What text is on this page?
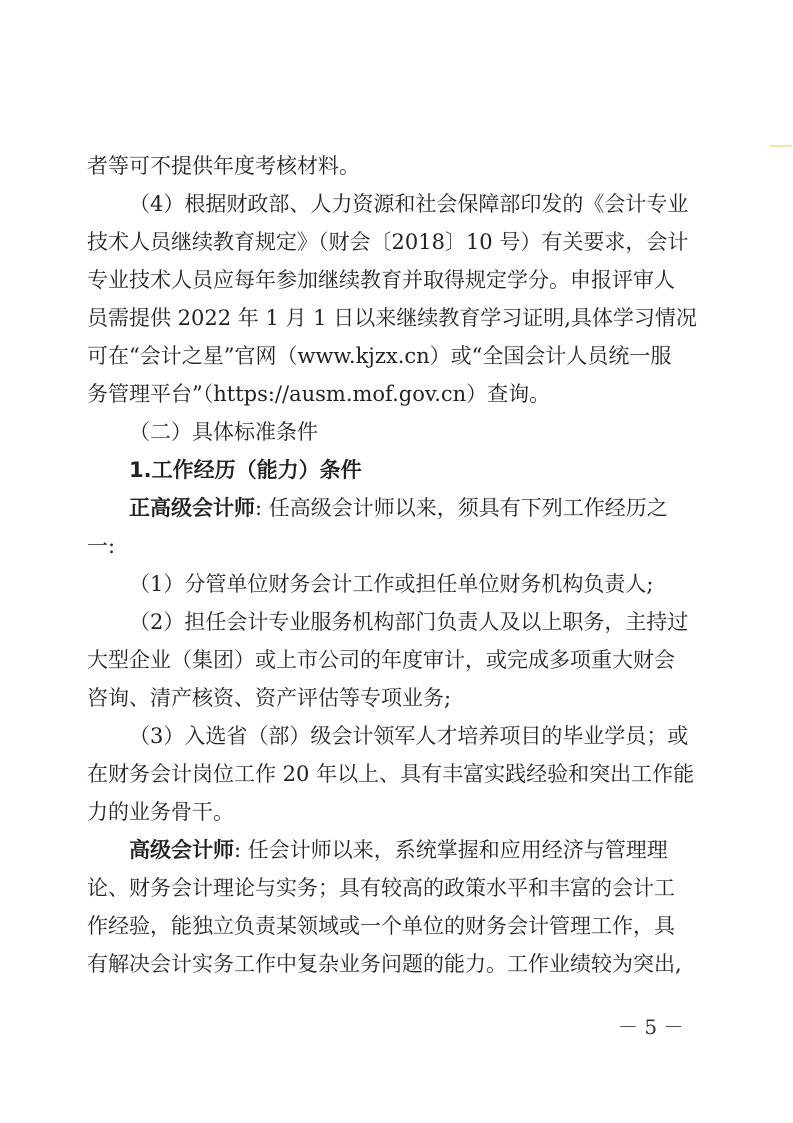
者等可不提供年度考核材料。
（4）根据财政部、人力资源和社会保障部印发的《会计专业
技术人员继续教育规定》（财会〔2018〕10 号）有关要求，会计
专业技术人员应每年参加继续教育并取得规定学分。申报评审人
员需提供 2022 年 1 月 1 日以来继续教育学习证明,具体学习情况
可在“会计之星”官网（www.kjzx.cn）或“全国会计人员统一服
务管理平台”（https://ausm.mof.gov.cn）查询。
（二）具体标准条件
1.工作经历（能力）条件
正高级会计师: 任高级会计师以来，须具有下列工作经历之
一:
（1）分管单位财务会计工作或担任单位财务机构负责人;
（2）担任会计专业服务机构部门负责人及以上职务，主持过
大型企业（集团）或上市公司的年度审计，或完成多项重大财会
咨询、清产核资、资产评估等专项业务;
（3）入选省（部）级会计领军人才培养项目的毕业学员；或
在财务会计岗位工作 20 年以上、具有丰富实践经验和突出工作能
力的业务骨干。
高级会计师: 任会计师以来，系统掌握和应用经济与管理理
论、财务会计理论与实务；具有较高的政策水平和丰富的会计工
作经验，能独立负责某领域或一个单位的财务会计管理工作，具
有解决会计实务工作中复杂业务问题的能力。工作业绩较为突出,
－ 5 －
